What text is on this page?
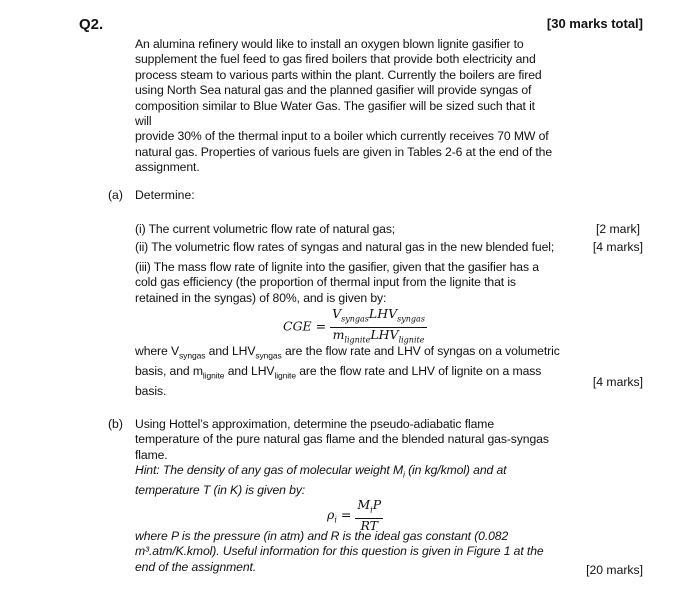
Q2.	[30 marks total]
An alumina refinery would like to install an oxygen blown lignite gasifier to
supplement the fuel feed to gas fired boilers that provide both electricity and
process steam to various parts within the plant. Currently the boilers are fired
using North Sea natural gas and the planned gasifier will provide syngas of
composition similar to Blue Water Gas. The gasifier will be sized such that it will
provide 30% of the thermal input to a boiler which currently receives 70 MW of
natural gas. Properties of various fuels are given in Tables 2-6 at the end of the
assignment.
(a) Determine:
(i) The current volumetric flow rate of natural gas;	[2 mark]
(ii) The volumetric flow rates of syngas and natural gas in the new blended fuel;	[4 marks]
(iii) The mass flow rate of lignite into the gasifier, given that the gasifier has a
cold gas efficiency (the proportion of thermal input from the lignite that is
retained in the syngas) of 80%, and is given by:
CGE = $\frac{V_{syngas}LHV_{syngas}}{m_{lignite}LHV_{lignite}}$
where $V_{syngas}$ and $LHV_{syngas}$ are the flow rate and LHV of syngas on a volumetric
basis, and $m_{lignite}$ and $LHV_{lignite}$ are the flow rate and LHV of lignite on a mass
basis.
[4 marks]
(b) Using Hottel’s approximation, determine the pseudo-adiabatic flame
temperature of the pure natural gas flame and the blended natural gas-syngas
flame.
Hint: The density of any gas of molecular weight $M_i$ (in kg/kmol) and at
temperature T (in K) is given by:
$\rho_i = \frac{M_iP}{RT}$
where P is the pressure (in atm) and R is the ideal gas constant (0.082
m³.atm/K.kmol). Useful information for this question is given in Figure 1 at the
end of the assignment.	[20 marks]
